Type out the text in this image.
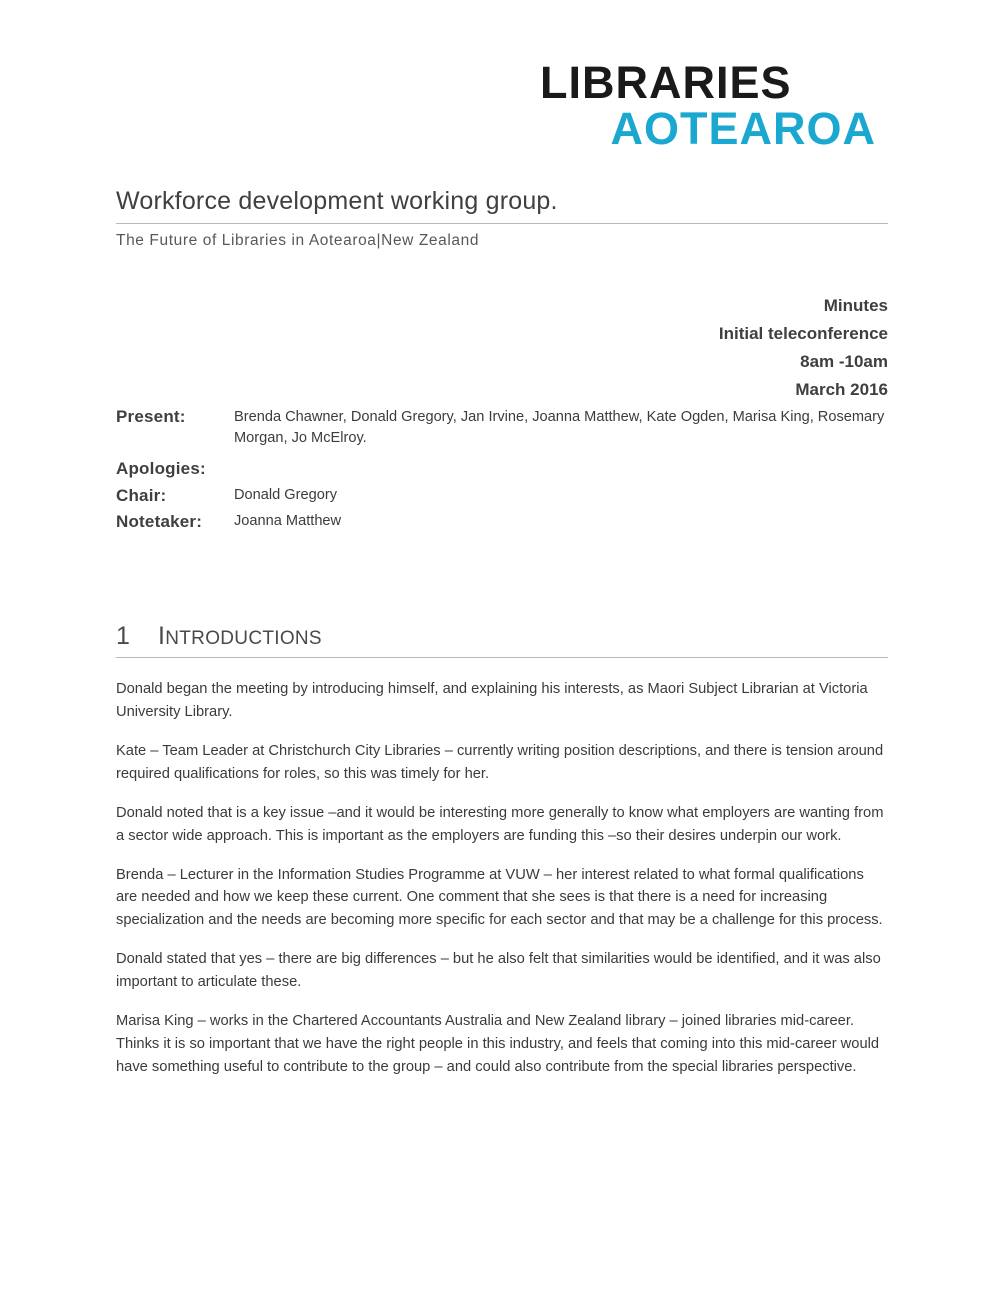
LIBRARIES
AOTEAROA
Workforce development working group.
The Future of Libraries in Aotearoa|New Zealand
Minutes
Initial teleconference
8am -10am
March 2016
Present:	Brenda Chawner, Donald Gregory, Jan Irvine, Joanna Matthew, Kate Ogden, Marisa King, Rosemary Morgan, Jo McElroy.
Apologies:
Chair:	Donald Gregory
Notetaker:	Joanna Matthew
1	INTRODUCTIONS

Donald began the meeting by introducing himself, and explaining his interests, as Maori Subject Librarian at Victoria University Library.

Kate – Team Leader at Christchurch City Libraries – currently writing position descriptions, and there is tension around required qualifications for roles, so this was timely for her.

Donald noted that is a key issue –and it would be interesting more generally to know what employers are wanting from a sector wide approach. This is important as the employers are funding this –so their desires underpin our work.

Brenda – Lecturer in the Information Studies Programme at VUW – her interest related to what formal qualifications are needed and how we keep these current. One comment that she sees is that there is a need for increasing specialization and the needs are becoming more specific for each sector and that may be a challenge for this process.

Donald stated that yes – there are big differences – but he also felt that similarities would be identified, and it was also important to articulate these.

Marisa King – works in the Chartered Accountants Australia and New Zealand library – joined libraries mid-career. Thinks it is so important that we have the right people in this industry, and feels that coming into this mid-career would have something useful to contribute to the group – and could also contribute from the special libraries perspective.
